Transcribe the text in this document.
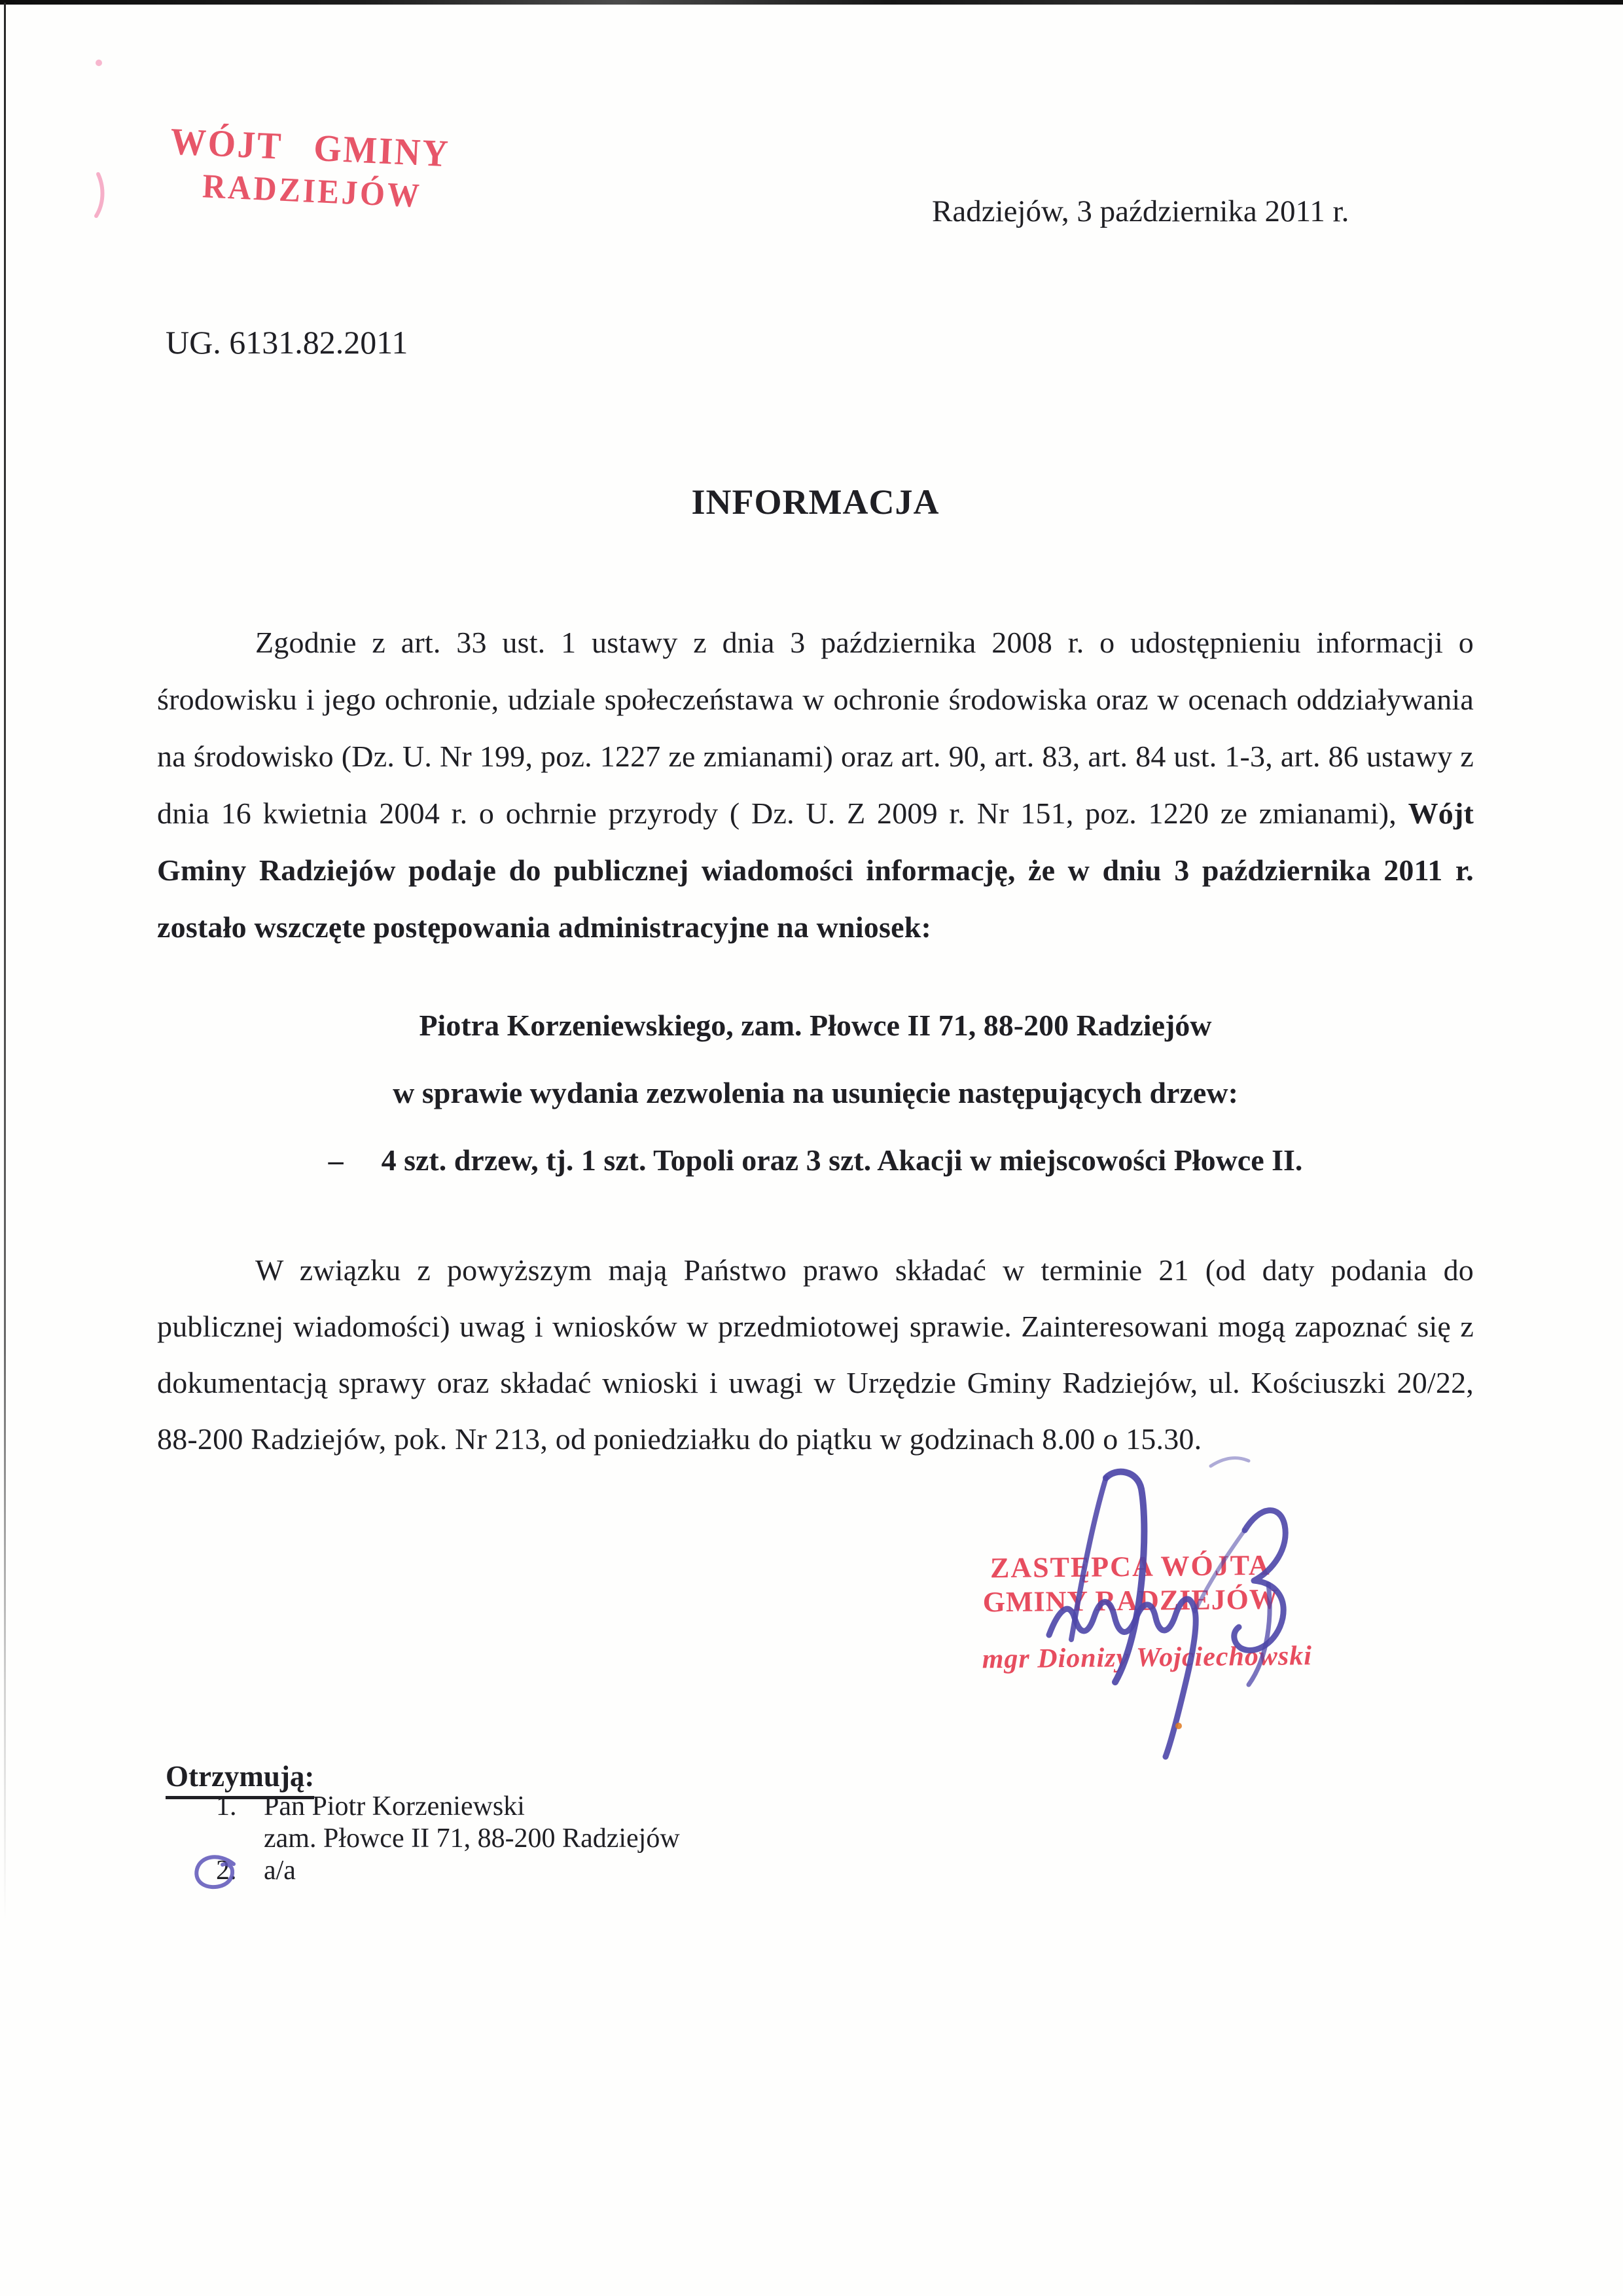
WÓJT GMINY
RADZIEJÓW	Radziejów, 3 października 2011 r.
UG. 6131.82.2011
INFORMACJA

Zgodnie z art. 33 ust. 1 ustawy z dnia 3 października 2008 r. o udostępnieniu informacji o środowisku i jego ochronie, udziale społeczeństawa w ochronie środowiska oraz w ocenach oddziaływania na środowisko (Dz. U. Nr 199, poz. 1227 ze zmianami) oraz art. 90, art. 83, art. 84 ust. 1-3, art. 86 ustawy z dnia 16 kwietnia 2004 r. o ochrnie przyrody ( Dz. U. Z 2009 r. Nr 151, poz. 1220 ze zmianami), Wójt Gminy Radziejów podaje do publicznej wiadomości informację, że w dniu 3 października 2011 r. zostało wszczęte postępowania administracyjne na wniosek:

Piotra Korzeniewskiego, zam. Płowce II 71, 88-200 Radziejów
w sprawie wydania zezwolenia na usunięcie następujących drzew:
– 4 szt. drzew, tj. 1 szt. Topoli oraz 3 szt. Akacji w miejscowości Płowce II.

W związku z powyższym mają Państwo prawo składać w terminie 21 (od daty podania do publicznej wiadomości) uwag i wniosków w przedmiotowej sprawie. Zainteresowani mogą zapoznać się z dokumentacją sprawy oraz składać wnioski i uwagi w Urzędzie Gminy Radziejów, ul. Kościuszki 20/22, 88-200 Radziejów, pok. Nr 213, od poniedziałku do piątku w godzinach 8.00 o 15.30.

ZASTĘPCA WÓJTA
GMINY RADZIEJÓW
mgr Dionizy Wojciechowski
Otrzymują:
1. Pan Piotr Korzeniewski
zam. Płowce II 71, 88-200 Radziejów
2. a/a
